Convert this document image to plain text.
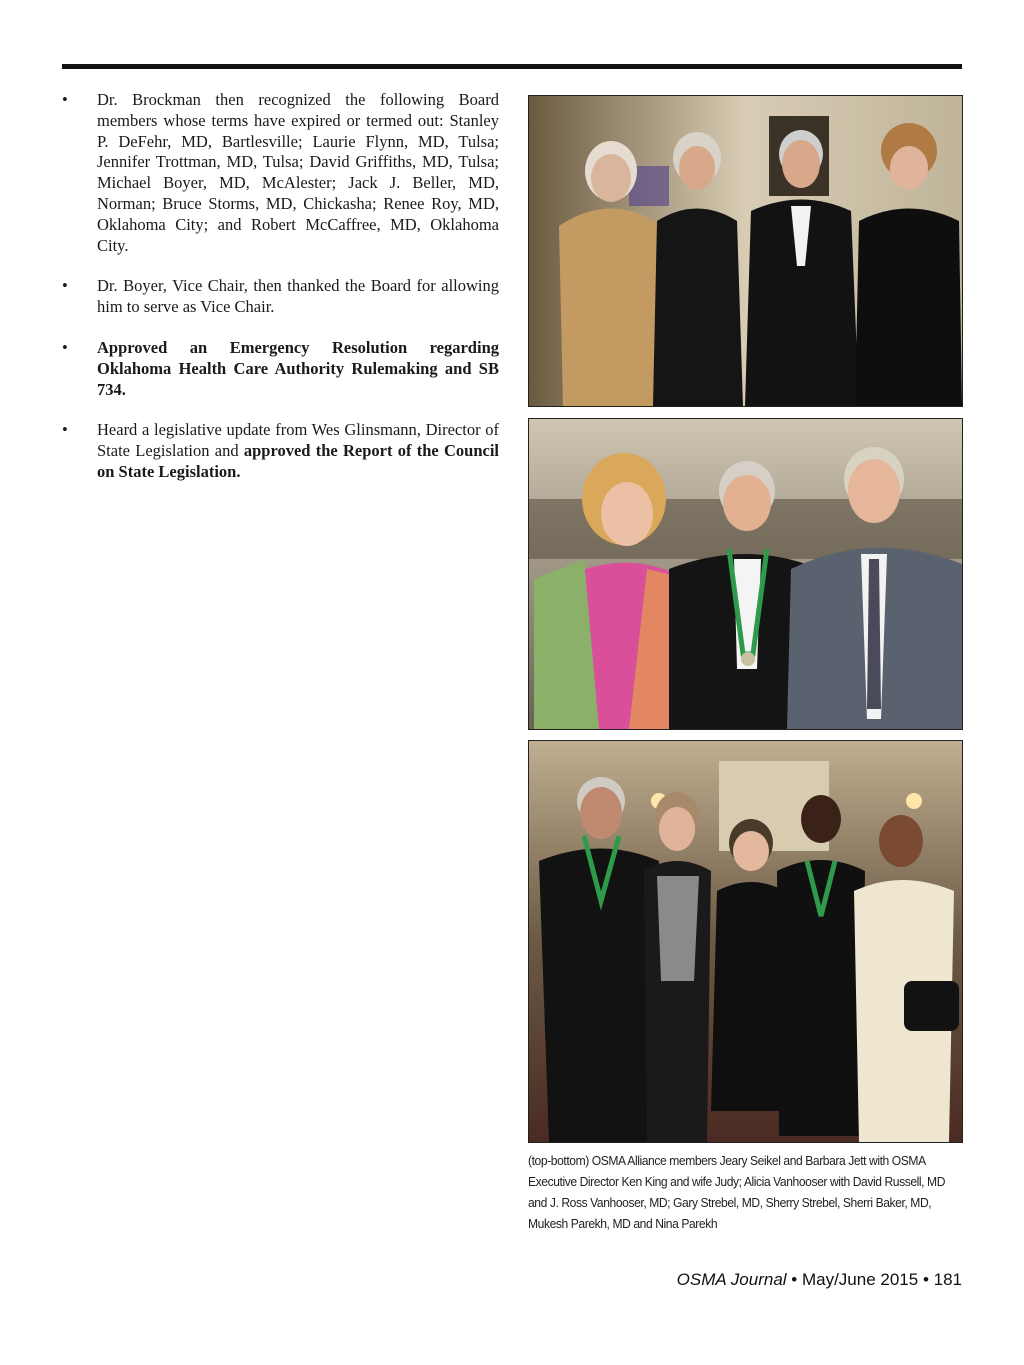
•	Dr. Brockman then recognized the following Board members whose terms have expired or termed out: Stanley P. DeFehr, MD, Bartlesville; Laurie Flynn, MD, Tulsa; Jennifer Trottman, MD, Tulsa; David Griffiths, MD, Tulsa; Michael Boyer, MD, McAlester; Jack J. Beller, MD, Norman; Bruce Storms, MD, Chickasha; Renee Roy, MD, Oklahoma City; and Robert McCaffree, MD, Oklahoma City.
•	Dr. Boyer, Vice Chair, then thanked the Board for allowing him to serve as Vice Chair.
•	Approved an Emergency Resolution regarding Oklahoma Health Care Authority Rulemaking and SB 734.
•	Heard a legislative update from Wes Glinsmann, Director of State Legislation and approved the Report of the Council on State Legislation.
(top-bottom) OSMA Alliance members Jeary Seikel and Barbara Jett with OSMA Executive Director Ken King and wife Judy; Alicia Vanhooser with David Russell, MD and J. Ross Vanhooser, MD; Gary Strebel, MD, Sherry Strebel, Sherri Baker, MD, Mukesh Parekh, MD and Nina Parekh
OSMA Journal • May/June 2015 • 181
